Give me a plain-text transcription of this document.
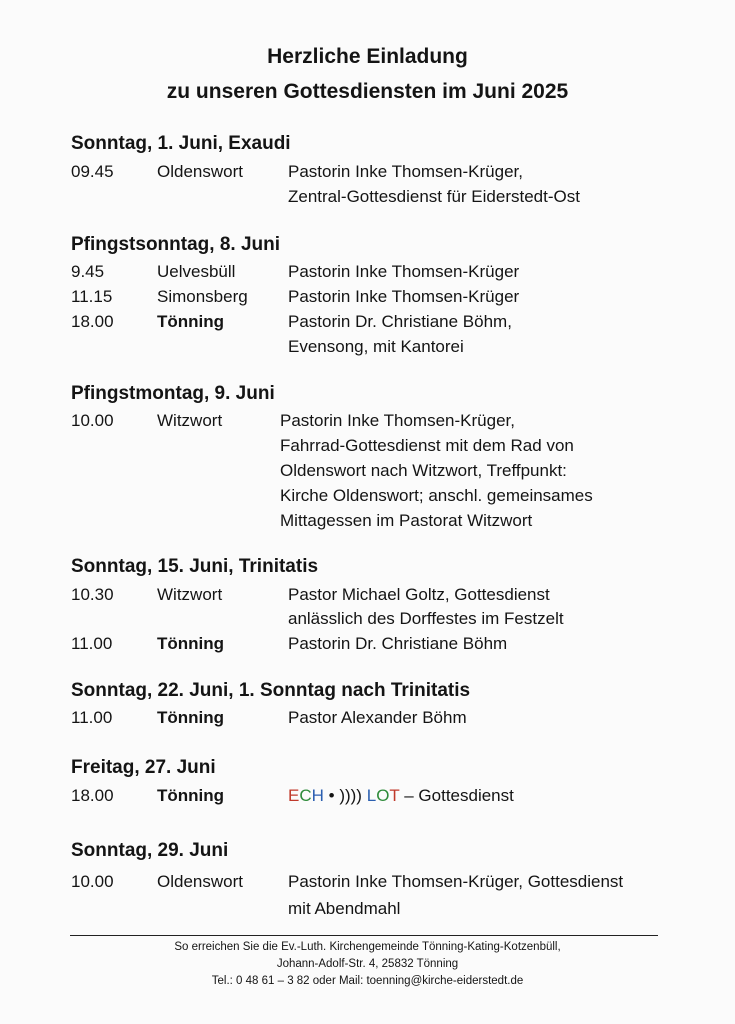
Herzliche Einladung
zu unseren Gottesdiensten im Juni 2025
Sonntag, 1. Juni, Exaudi
09.45	Oldenswort	Pastorin Inke Thomsen-Krüger,
Zentral-Gottesdienst für Eiderstedt-Ost
Pfingstsonntag, 8. Juni
9.45	Uelvesbüll	Pastorin Inke Thomsen-Krüger
11.15	Simonsberg Pastorin Inke Thomsen-Krüger
18.00	Tönning	Pastorin Dr. Christiane Böhm,
Evensong, mit Kantorei
Pfingstmontag, 9. Juni
10.00	Witzwort	Pastorin Inke Thomsen-Krüger,
Fahrrad-Gottesdienst mit dem Rad von
Oldenswort nach Witzwort, Treffpunkt:
Kirche Oldenswort; anschl. gemeinsames
Mittagessen im Pastorat Witzwort
Sonntag, 15. Juni, Trinitatis
10.30	Witzwort	Pastor Michael Goltz, Gottesdienst
anlässlich des Dorffestes im Festzelt
11.00	Tönning	Pastorin Dr. Christiane Böhm
Sonntag, 22. Juni, 1. Sonntag nach Trinitatis
11.00	Tönning	Pastor Alexander Böhm
Freitag, 27. Juni
18.00	Tönning	ECH • )))) LOT – Gottesdienst
Sonntag, 29. Juni
10.00	Oldenswort	Pastorin Inke Thomsen-Krüger, Gottesdienst
mit Abendmahl
So erreichen Sie die Ev.-Luth. Kirchengemeinde Tönning-Kating-Kotzenbüll,
Johann-Adolf-Str. 4, 25832 Tönning
Tel.: 0 48 61 – 3 82 oder Mail: toenning@kirche-eiderstedt.de
